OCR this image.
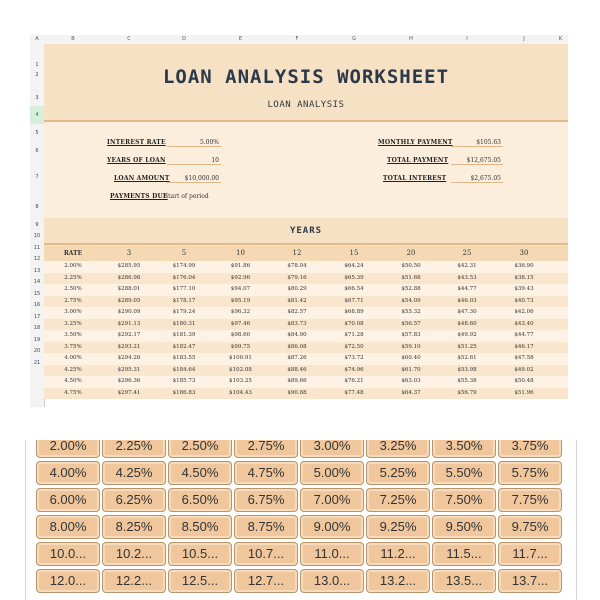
A	B	C	D	E	F	G	H	I	J	K
1
2
3
4
5
6
7
8
9
10
11
12
13
14
15
16
17
18
19
20
21
LOAN ANALYSIS WORKSHEET
LOAN ANALYSIS
INTEREST RATE	5.00%
YEARS OF LOAN	10
LOAN AMOUNT	$10,000.00
PAYMENTS DUE
Start of period
MONTHLY PAYMENT	$105.63
TOTAL PAYMENT	$12,675.05
TOTAL INTEREST	$2,675.05
YEARS
RATE	3	5	10	12	15	20	25	30
2.00%	$285.95	$174.99	$91.86	$78.04	$64.24	$50.50	$42.31	$36.90
2.25%	$286.98	$176.04	$92.96	$79.16	$65.39	$51.68	$43.53	$38.15
2.50%	$288.01	$177.10	$94.07	$80.29	$66.54	$52.88	$44.77	$39.43
2.75%	$289.05	$178.17	$95.19	$81.42	$67.71	$54.09	$46.03	$40.73
3.00%	$290.09	$179.24	$96.32	$82.57	$68.89	$55.32	$47.30	$42.06
3.25%	$291.13	$180.31	$97.46	$83.73	$70.08	$56.57	$48.60	$43.40
3.50%	$292.17	$181.39	$98.60	$84.90	$71.28	$57.83	$49.92	$44.77
3.75%	$293.21	$182.47	$99.75	$86.08	$72.50	$59.10	$51.25	$46.17
4.00%	$294.26	$183.55	$100.91	$87.26	$73.72	$60.40	$52.61	$47.58
4.25%	$295.31	$184.64	$102.08	$88.46	$74.96	$61.70	$53.98	$49.02
4.50%	$296.36	$185.73	$103.25	$89.66	$76.21	$63.03	$55.38	$50.48
4.75%	$297.41	$186.83	$104.43	$90.88	$77.48	$64.37	$56.79	$51.96
2.00%	2.25%	2.50%	2.75%	3.00%	3.25%	3.50%	3.75%
4.00%	4.25%	4.50%	4.75%	5.00%	5.25%	5.50%	5.75%
6.00%	6.25%	6.50%	6.75%	7.00%	7.25%	7.50%	7.75%
8.00%	8.25%	8.50%	8.75%	9.00%	9.25%	9.50%	9.75%
10.0...	10.2...	10.5...	10.7...	11.0...	11.2...	11.5...	11.7...
12.0...	12.2...	12.5...	12.7...	13.0...	13.2...	13.5...	13.7...
